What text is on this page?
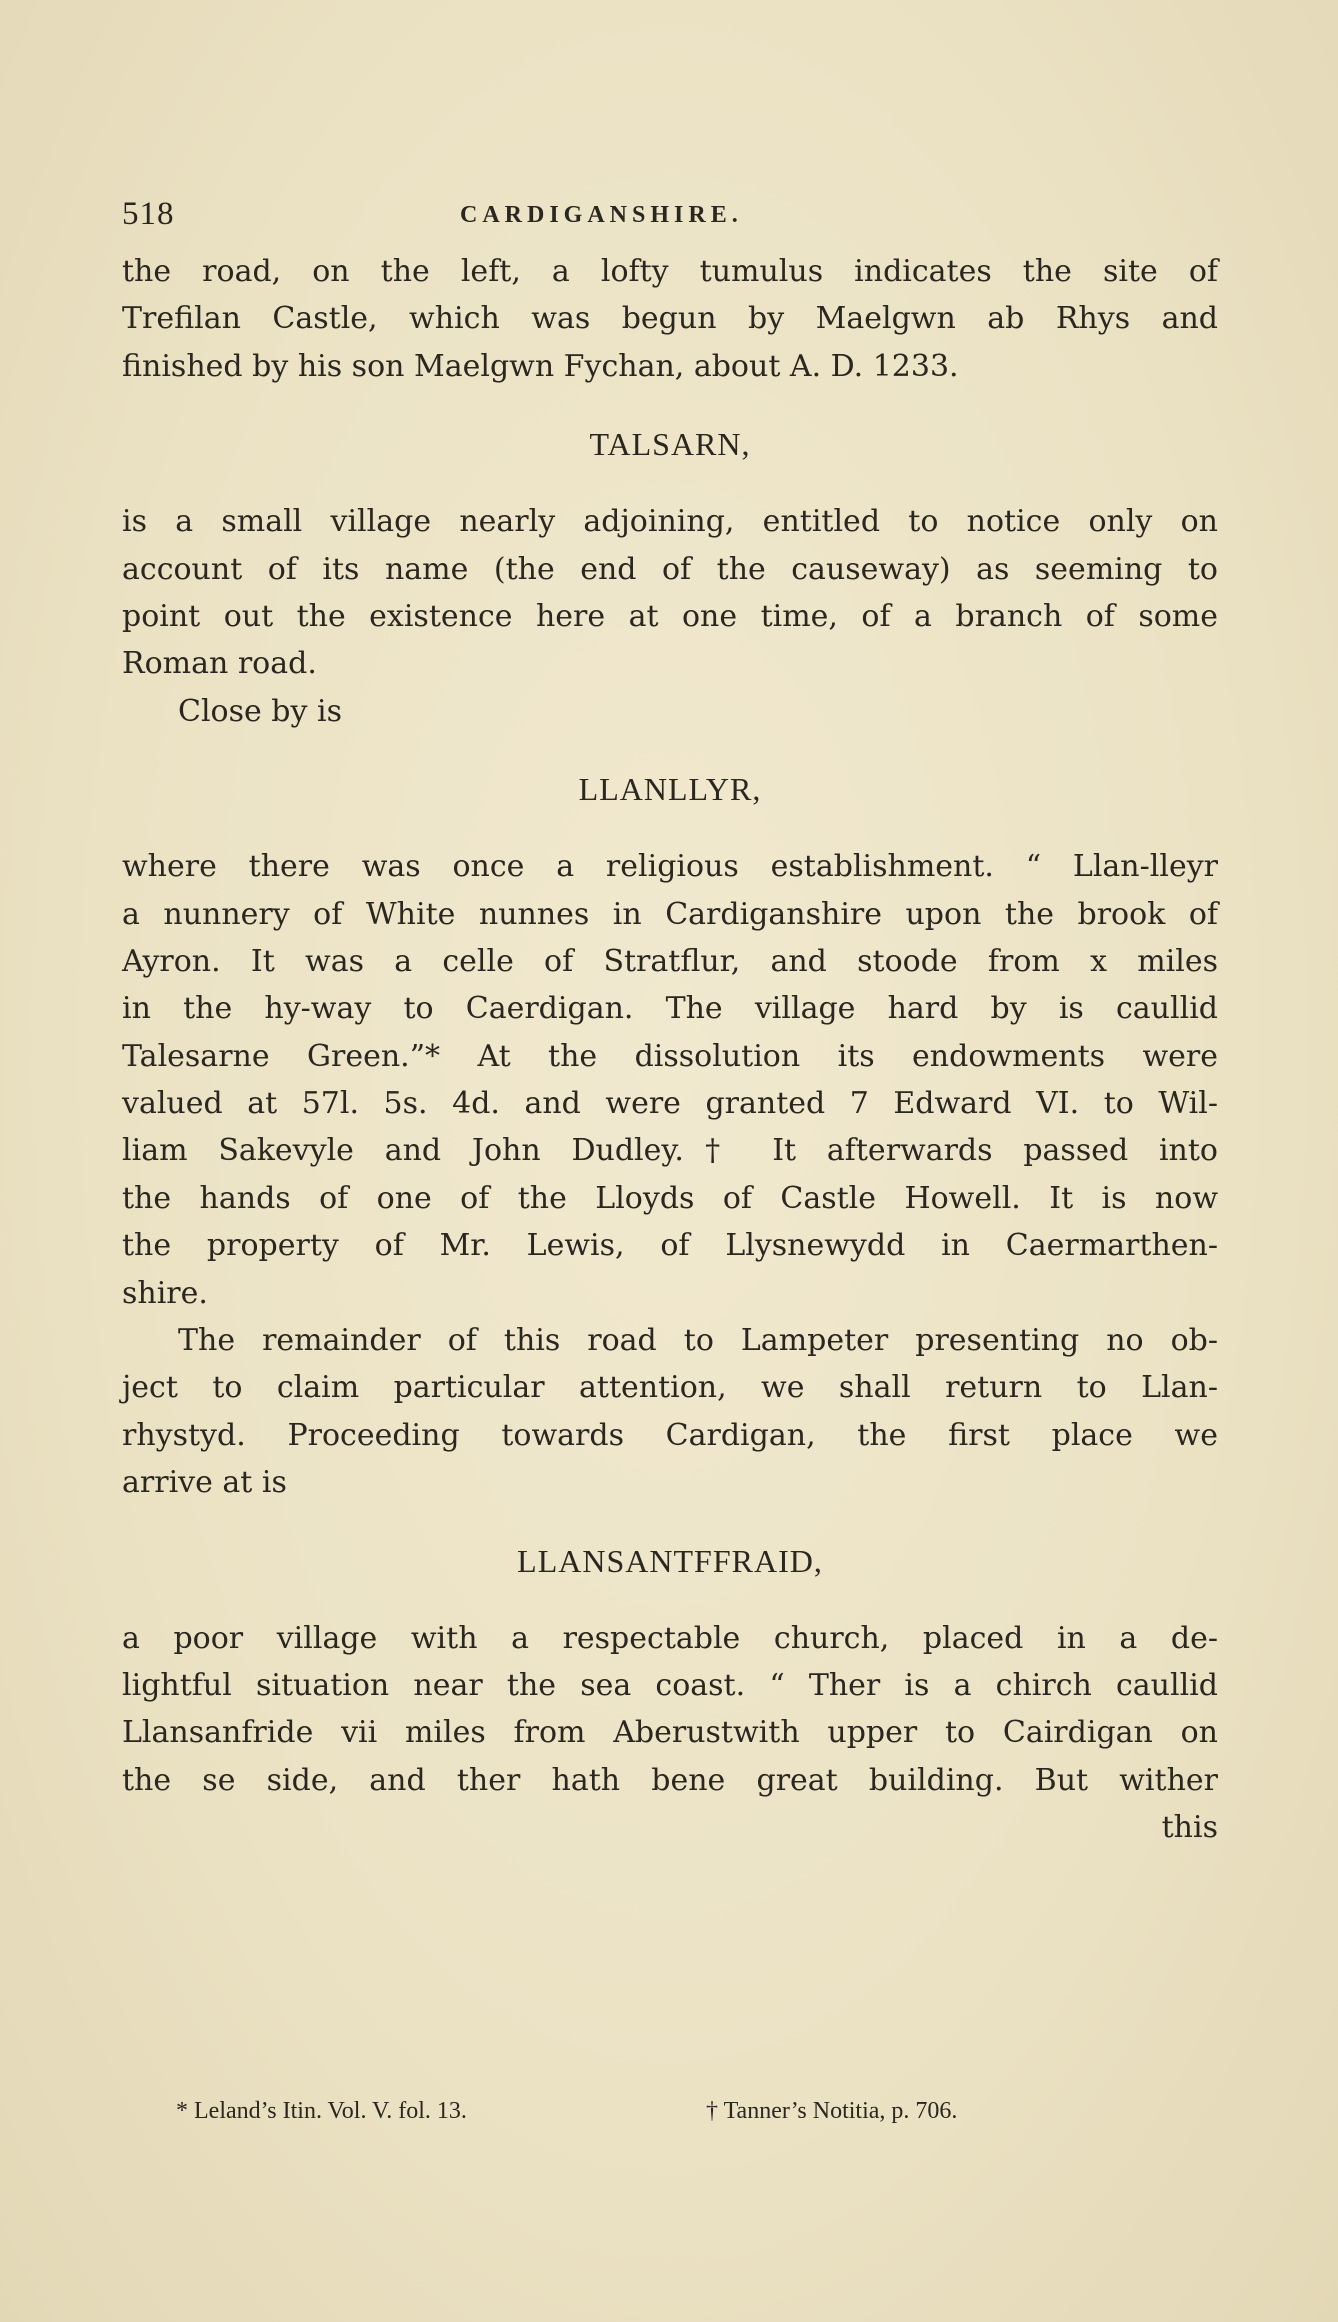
518	CARDIGANSHIRE.
the road, on the left, a lofty tumulus indicates the site of
Trefilan Castle, which was begun by Maelgwn ab Rhys and
finished by his son Maelgwn Fychan, about A. D. 1233.
TALSARN,
is a small village nearly adjoining, entitled to notice only on
account of its name (the end of the causeway) as seeming to
point out the existence here at one time, of a branch of some
Roman road.
Close by is
LLANLLYR,
where there was once a religious establishment. “ Llan-lleyr
a nunnery of White nunnes in Cardiganshire upon the brook of
Ayron. It was a celle of Stratflur, and stoode from x miles
in the hy-way to Caerdigan. The village hard by is caullid
Talesarne Green.”* At the dissolution its endowments were
valued at 57l. 5s. 4d. and were granted 7 Edward VI. to Wil-
liam Sakevyle and John Dudley.† It afterwards passed into
the hands of one of the Lloyds of Castle Howell. It is now
the property of Mr. Lewis, of Llysnewydd in Caermarthen-
shire.
The remainder of this road to Lampeter presenting no ob-
ject to claim particular attention, we shall return to Llan-
rhystyd. Proceeding towards Cardigan, the first place we
arrive at is
LLANSANTFFRAID,
a poor village with a respectable church, placed in a de-
lightful situation near the sea coast. “ Ther is a chirch caullid
Llansanfride vii miles from Aberustwith upper to Cairdigan on
the se side, and ther hath bene great building. But wither
this
* Leland’s Itin. Vol. V. fol. 13.	† Tanner’s Notitia, p. 706.
